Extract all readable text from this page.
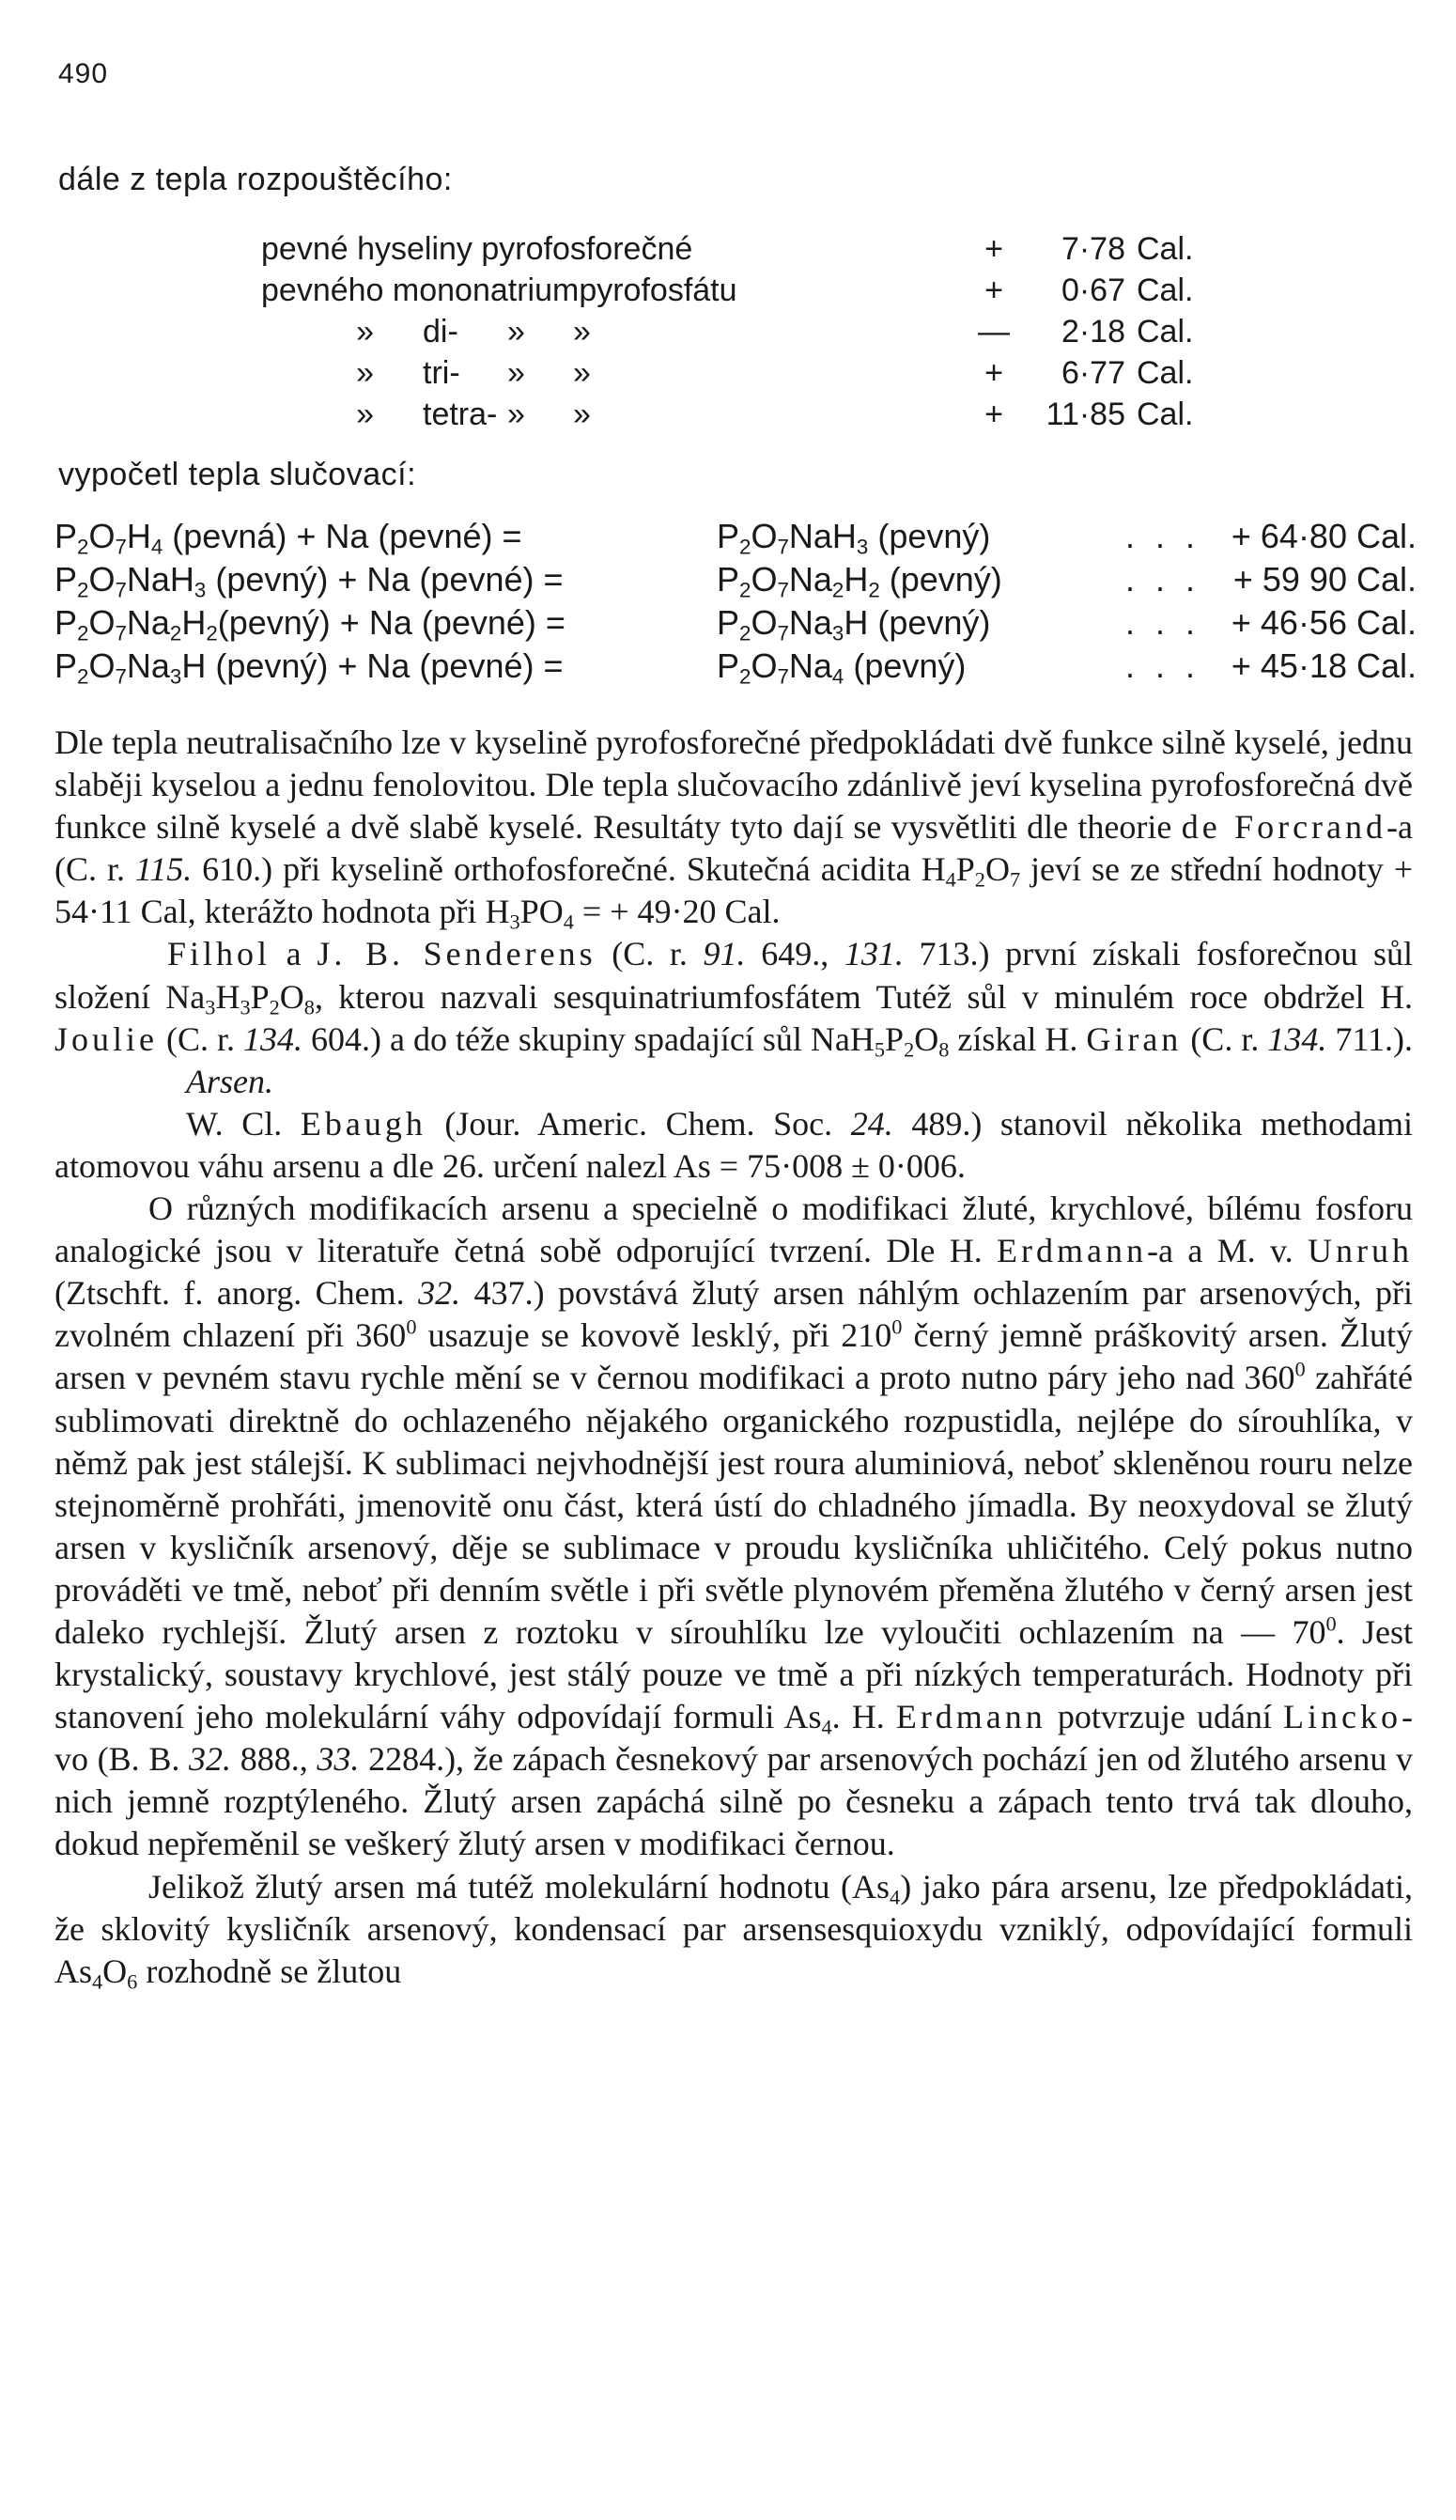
490
dále z tepla rozpouštěcího:
pevné hyseliny pyrofosforečné	+	7·78 Cal.
pevného mononatriumpyrofosfátu	+	0·67 Cal.
»	di-	»	»	—	2·18 Cal.
»	tri-	»	»	+	6·77 Cal.
»	tetra- »	»	+	11·85 Cal.
vypočetl tepla slučovací:
$P_2O_7H_4$ (pevná) + Na (pevné) =	$P_2O_7NaH_3$ (pevný)	. . . + 64·80 Cal.
$P_2O_7NaH_3$ (pevný) + Na (pevné) =	$P_2O_7Na_2H_2$ (pevný)	. . . + 59 90 Cal.
$P_2O_7Na_2H_2(pevný) + Na$ (pevné) =	$P_2O_7Na_3H$ (pevný)	. . . + 46·56 Cal.
$P_2O_7Na_3H$ (pevný) + Na (pevné) =	$P_2O_7Na_4$ (pevný)	. . . + 45·18 Cal.

Dle tepla neutralisačního lze v kyselině pyrofosforečné předpokládati dvě funkce silně kyselé, jednu slaběji kyselou a jednu fenolovitou. Dle tepla slučovacího zdánlivě jeví kyselina pyrofosforečná dvě funkce silně kyselé a dvě slabě kyselé. Resultáty tyto dají se vysvětliti dle theorie de Forcrand-a (C. r. 115. 610.) při kyselině orthofosforečné. Skutečná acidita $H_4P_2O_7$ jeví se ze střední hodnoty + 54·11 Cal, kterážto hodnota při $H_3PO_4$ = + 49·20 Cal.

Filhol a J. B. Senderens (C. r. 91. 649., 131. 713.) první získali fosforečnou sůl složení $Na_3H_3P_2O_8$, kterou nazvali sesquinatriumfosfátem Tutéž sůl v minulém roce obdržel H. Joulie (C. r. 134. 604.) a do téže skupiny spadající sůl $NaH_5P_2O_8$ získal H. Giran (C. r. 134. 711.).

Arsen.

W. Cl. Ebaugh (Jour. Americ. Chem. Soc. 24. 489.) stanovil několika methodami atomovou váhu arsenu a dle 26. určení nalezl As = 75·008 ± 0·006.

O různých modifikacích arsenu a specielně o modifikaci žluté, krychlové, bílému fosforu analogické jsou v literatuře četná sobě odporující tvrzení. Dle H. Erdmann-a a M. v. Unruh (Ztschft. f. anorg. Chem. 32. 437.) povstává žlutý arsen náhlým ochlazením par arsenových, při zvolném chlazení při $360^0$ usazuje se kovově lesklý, při $210^0$ černý jemně práškovitý arsen. Žlutý arsen v pevném stavu rychle mění se v černou modifikaci a proto nutno páry jeho nad $360^0$ zahřáté sublimovati direktně do ochlazeného nějakého organického rozpustidla, nejlépe do sírouhlíka, v němž pak jest stálejší. K sublimaci nejvhodnější jest roura aluminiová, neboť skleněnou rouru nelze stejnoměrně prohřáti, jmenovitě onu část, která ústí do chladného jímadla. By neoxydoval se žlutý arsen v kysličník arsenový, děje se sublimace v proudu kysličníka uhličitého. Celý pokus nutno prováděti ve tmě, neboť při denním světle i při světle plynovém přeměna žlutého v černý arsen jest daleko rychlejší. Žlutý arsen z roztoku v sírouhlíku lze vyloučiti ochlazením na — $70^0$. Jest krystalický, soustavy krychlové, jest stálý pouze ve tmě a při nízkých temperaturách. Hodnoty při stanovení jeho molekulární váhy odpovídají formuli $As_4$. H. Erdmann potvrzuje udání Lincko-vo (B. B. 32. 888., 33. 2284.), že zápach česnekový par arsenových pochází jen od žlutého arsenu v nich jemně rozptýleného. Žlutý arsen zapáchá silně po česneku a zápach tento trvá tak dlouho, dokud nepřeměnil se veškerý žlutý arsen v modifikaci černou.

Jelikož žlutý arsen má tutéž molekulární hodnotu $(As_4)$ jako pára arsenu, lze předpokládati, že sklovitý kysličník arsenový, kondensací par arsensesquioxydu vzniklý, odpovídající formuli $As_4O_6$ rozhodně se žlutou
